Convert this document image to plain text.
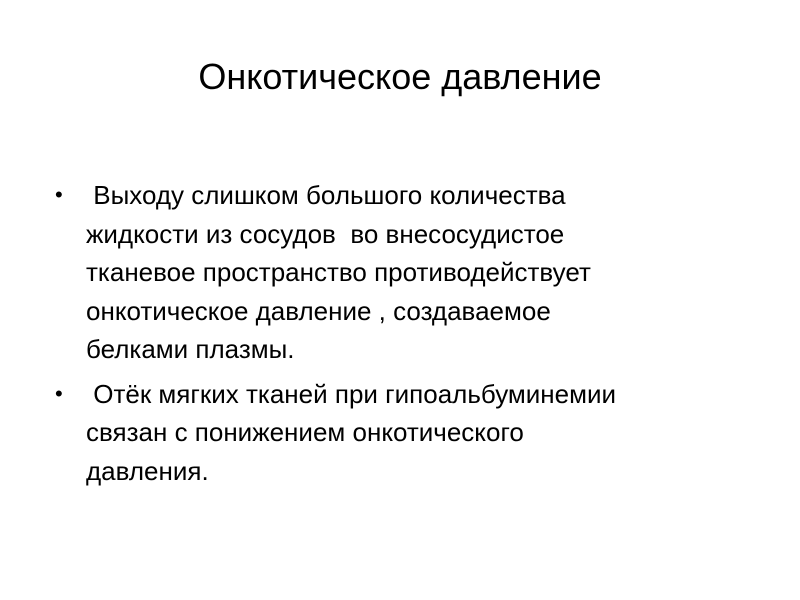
Онкотическое давление
•	Выходу слишком большого количества
жидкости из сосудов  во внесосудистое
тканевое пространство противодействует
онкотическое давление , создаваемое
белками плазмы.
•	Отёк мягких тканей при гипоальбуминемии
связан с понижением онкотического
давления.
